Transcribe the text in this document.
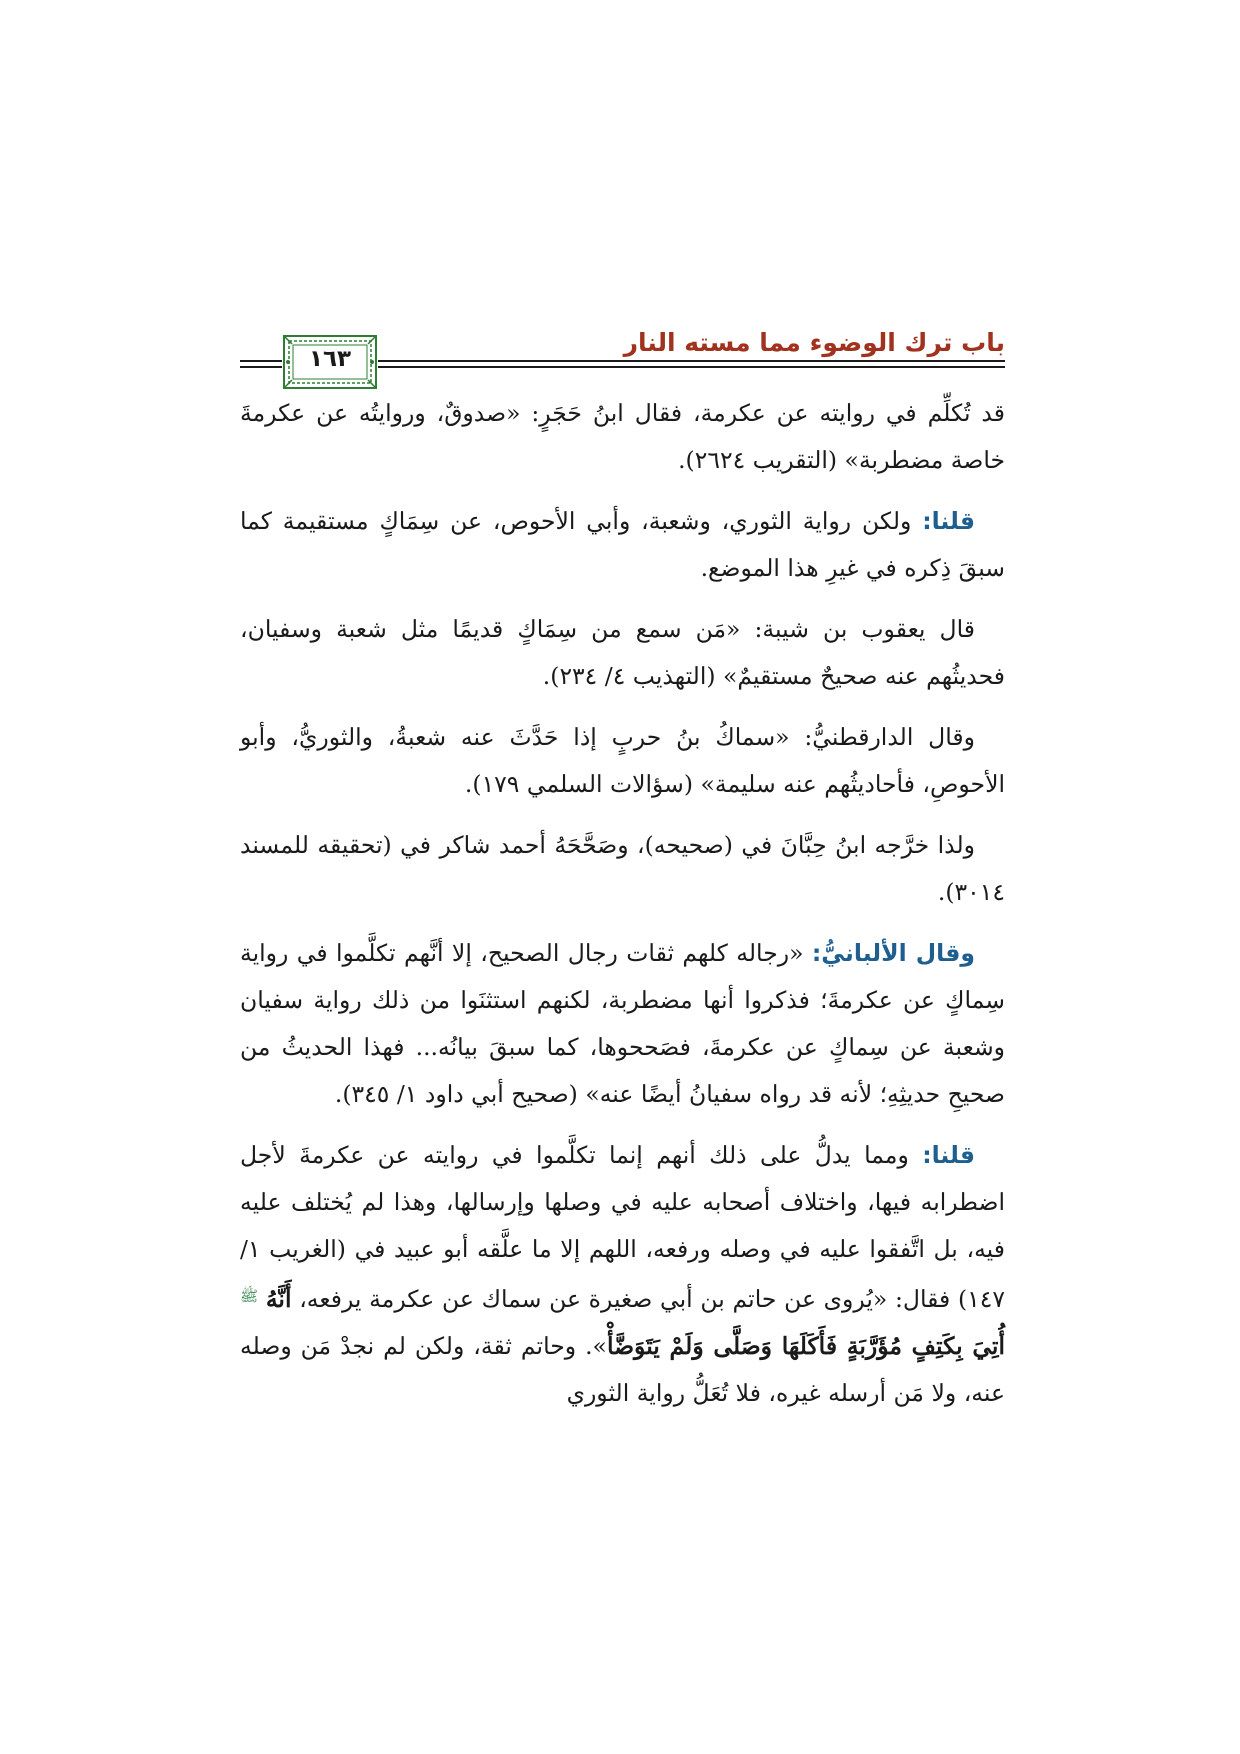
باب ترك الوضوء مما مسته النار
١٦٣

قد تُكلِّم في روايته عن عكرمة، فقال ابنُ حَجَرٍ: «صدوقٌ، وروايتُه عن عكرمةَ خاصة مضطربة» (التقريب ٢٦٢٤).

قلنا: ولكن رواية الثوري، وشعبة، وأبي الأحوص، عن سِمَاكٍ مستقيمة كما سبقَ ذِكره في غيرِ هذا الموضع.

قال يعقوب بن شيبة: «مَن سمع من سِمَاكٍ قديمًا مثل شعبة وسفيان، فحديثُهم عنه صحيحٌ مستقيمٌ» (التهذيب ٤/ ٢٣٤).

وقال الدارقطنيُّ: «سماكُ بنُ حربٍ إذا حَدَّثَ عنه شعبةُ، والثوريُّ، وأبو الأحوصِ، فأحاديثُهم عنه سليمة» (سؤالات السلمي ١٧٩).

ولذا خرَّجه ابنُ حِبَّانَ في (صحيحه)، وصَحَّحَهُ أحمد شاكر في (تحقيقه للمسند ٣٠١٤).

وقال الألبانيُّ: «رجاله كلهم ثقات رجال الصحيح، إلا أنَّهم تكلَّموا في رواية سِماكٍ عن عكرمةَ؛ فذكروا أنها مضطربة، لكنهم استثنَوا من ذلك رواية سفيان وشعبة عن سِماكٍ عن عكرمةَ، فصَححوها، كما سبقَ بيانُه... فهذا الحديثُ من صحيحِ حديثِهِ؛ لأنه قد رواه سفيانُ أيضًا عنه» (صحيح أبي داود ١/ ٣٤٥).

قلنا: ومما يدلُّ على ذلك أنهم إنما تكلَّموا في روايته عن عكرمةَ لأجل اضطرابه فيها، واختلاف أصحابه عليه في وصلها وإرسالها، وهذا لم يُختلف عليه فيه، بل اتَّفقوا عليه في وصله ورفعه، اللهم إلا ما علَّقه أبو عبيد في (الغريب ١/ ١٤٧) فقال: «يُروى عن حاتم بن أبي صغيرة عن سماك عن عكرمة يرفعه، أَنَّهُ $^ﷺ$ أُتِيَ بِكَتِفٍ مُؤَرَّبَةٍ فَأَكَلَهَا وَصَلَّى وَلَمْ يَتَوَضَّأْ». وحاتم ثقة، ولكن لم نجدْ مَن وصله عنه، ولا مَن أرسله غيره، فلا تُعَلُّ رواية الثوري
